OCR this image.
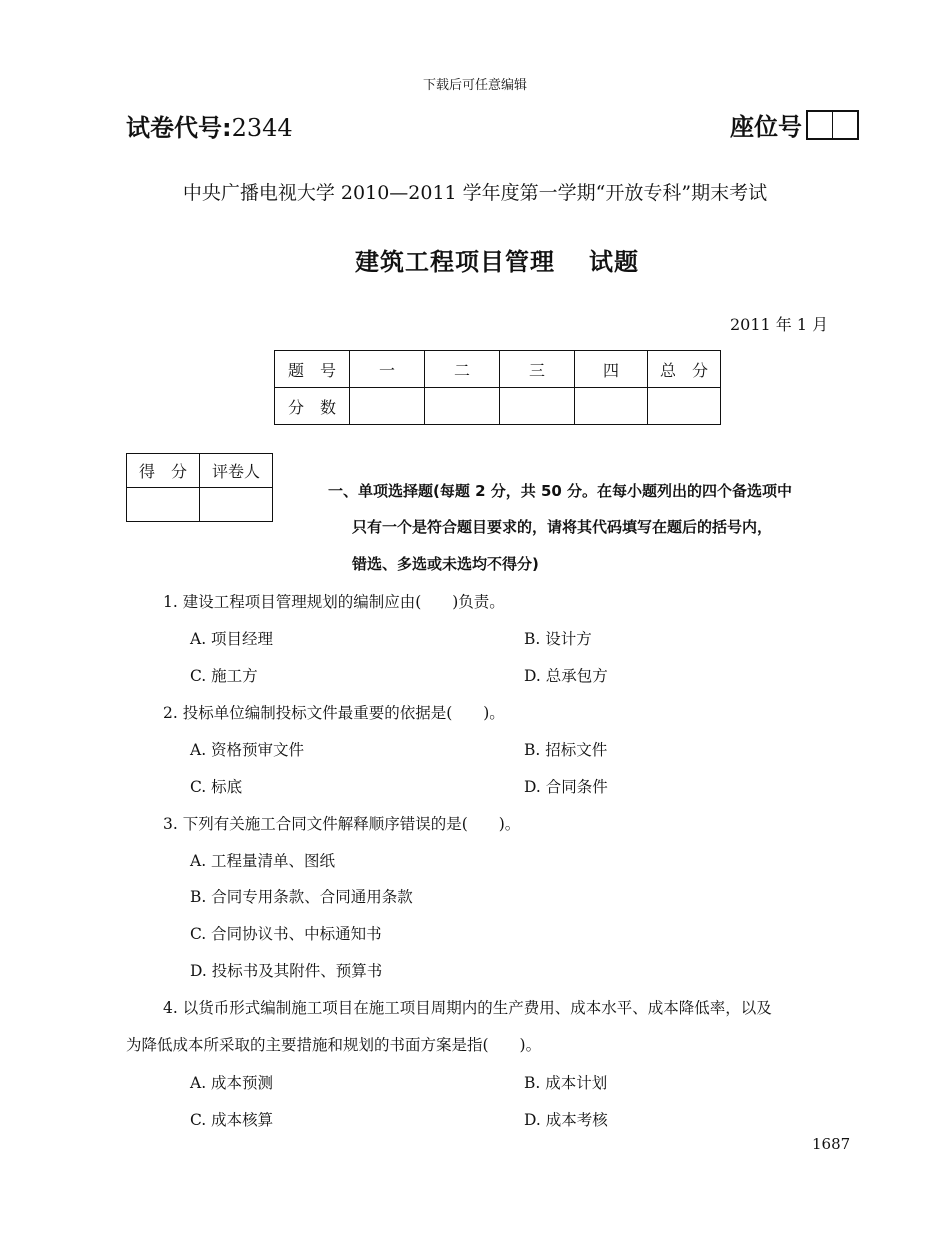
下载后可任意编辑
试卷代号:2344	座位号
中央广播电视大学 2010—2011 学年度第一学期“开放专科”期末考试
建筑工程项目管理 试题
2011 年 1 月
题　号	一	二	三	四	总　分
分　数					
得　分	评卷人

一、单项选择题(每题 2 分，共 50 分。在每小题列出的四个备选项中
只有一个是符合题目要求的，请将其代码填写在题后的括号内，
错选、多选或未选均不得分)
1. 建设工程项目管理规划的编制应由(　　)负责。
A. 项目经理	B. 设计方
C. 施工方	D. 总承包方
2. 投标单位编制投标文件最重要的依据是(　　)。
A. 资格预审文件	B. 招标文件
C. 标底	D. 合同条件
3. 下列有关施工合同文件解释顺序错误的是(　　)。
A. 工程量清单、图纸
B. 合同专用条款、合同通用条款
C. 合同协议书、中标通知书
D. 投标书及其附件、预算书
4. 以货币形式编制施工项目在施工项目周期内的生产费用、成本水平、成本降低率，以及
为降低成本所采取的主要措施和规划的书面方案是指(　　)。
A. 成本预测	B. 成本计划
C. 成本核算	D. 成本考核
1687
